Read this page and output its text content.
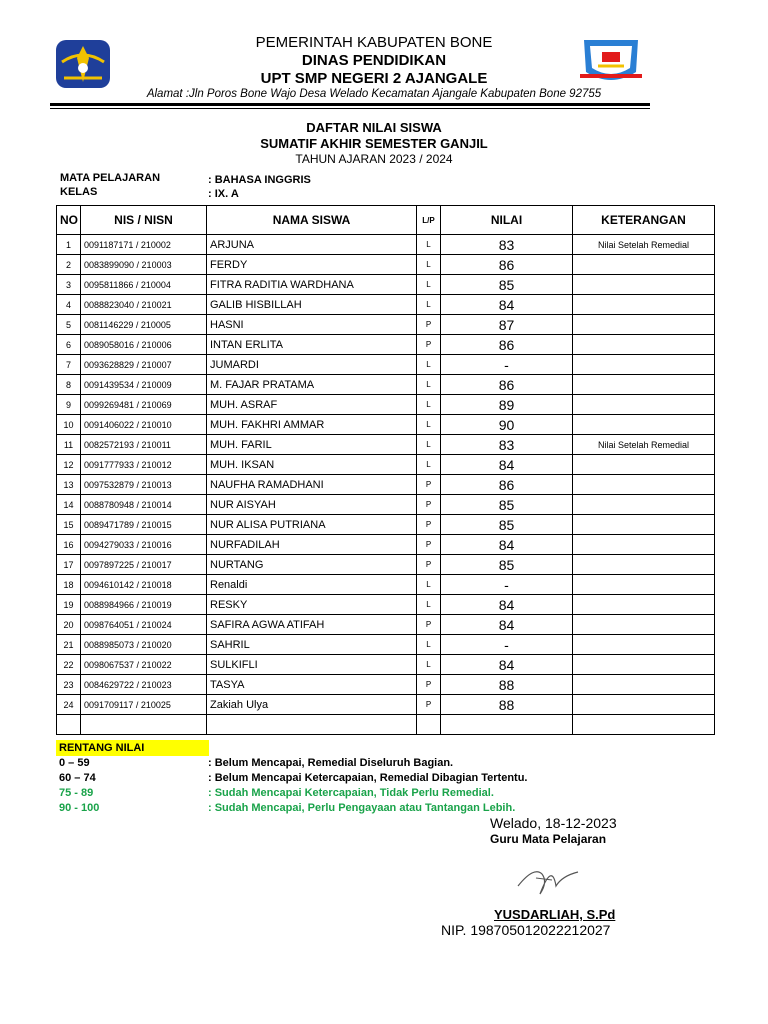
PEMERINTAH KABUPATEN BONE
DINAS PENDIDIKAN
UPT SMP NEGERI 2 AJANGALE
Alamat :Jln Poros Bone Wajo Desa Welado Kecamatan Ajangale Kabupaten Bone 92755
DAFTAR NILAI SISWA
SUMATIF AKHIR SEMESTER GANJIL
TAHUN AJARAN 2023 / 2024
MATA PELAJARAN	: BAHASA INGGRIS
KELAS	: IX. A
NO	NIS / NISN	NAMA SISWA	L/P	NILAI	KETERANGAN
1	0091187171 / 210002	ARJUNA	L	83	Nilai Setelah Remedial
2	0083899090 / 210003	FERDY	L	86	
3	0095811866 / 210004	FITRA RADITIA WARDHANA	L	85	
4	0088823040 / 210021	GALIB HISBILLAH	L	84	
5	0081146229 / 210005	HASNI	P	87	
6	0089058016 / 210006	INTAN ERLITA	P	86	
7	0093628829 / 210007	JUMARDI	L	-	
8	0091439534 / 210009	M. FAJAR PRATAMA	L	86	
9	0099269481 / 210069	MUH. ASRAF	L	89	
10	0091406022 / 210010	MUH. FAKHRI AMMAR	L	90	
11	0082572193 / 210011	MUH. FARIL	L	83	Nilai Setelah Remedial
12	0091777933 / 210012	MUH. IKSAN	L	84	
13	0097532879 / 210013	NAUFHA RAMADHANI	P	86	
14	0088780948 / 210014	NUR AISYAH	P	85	
15	0089471789 / 210015	NUR ALISA PUTRIANA	P	85	
16	0094279033 / 210016	NURFADILAH	P	84	
17	0097897225 / 210017	NURTANG	P	85	
18	0094610142 / 210018	Renaldi	L	-	
19	0088984966 / 210019	RESKY	L	84	
20	0098764051 / 210024	SAFIRA AGWA ATIFAH	P	84	
21	0088985073 / 210020	SAHRIL	L	-	
22	0098067537 / 210022	SULKIFLI	L	84	
23	0084629722 / 210023	TASYA	P	88	
24	0091709117 / 210025	Zakiah Ulya	P	88	

RENTANG NILAI
0 – 59	: Belum Mencapai, Remedial Diseluruh Bagian.
60 – 74	: Belum Mencapai Ketercapaian, Remedial Dibagian Tertentu.
75 - 89	: Sudah Mencapai Ketercapaian, Tidak Perlu Remedial.
90 - 100	: Sudah Mencapai, Perlu Pengayaan atau Tantangan Lebih.
Welado, 18-12-2023
Guru Mata Pelajaran
YUSDARLIAH, S.Pd
NIP. 198705012022212027
